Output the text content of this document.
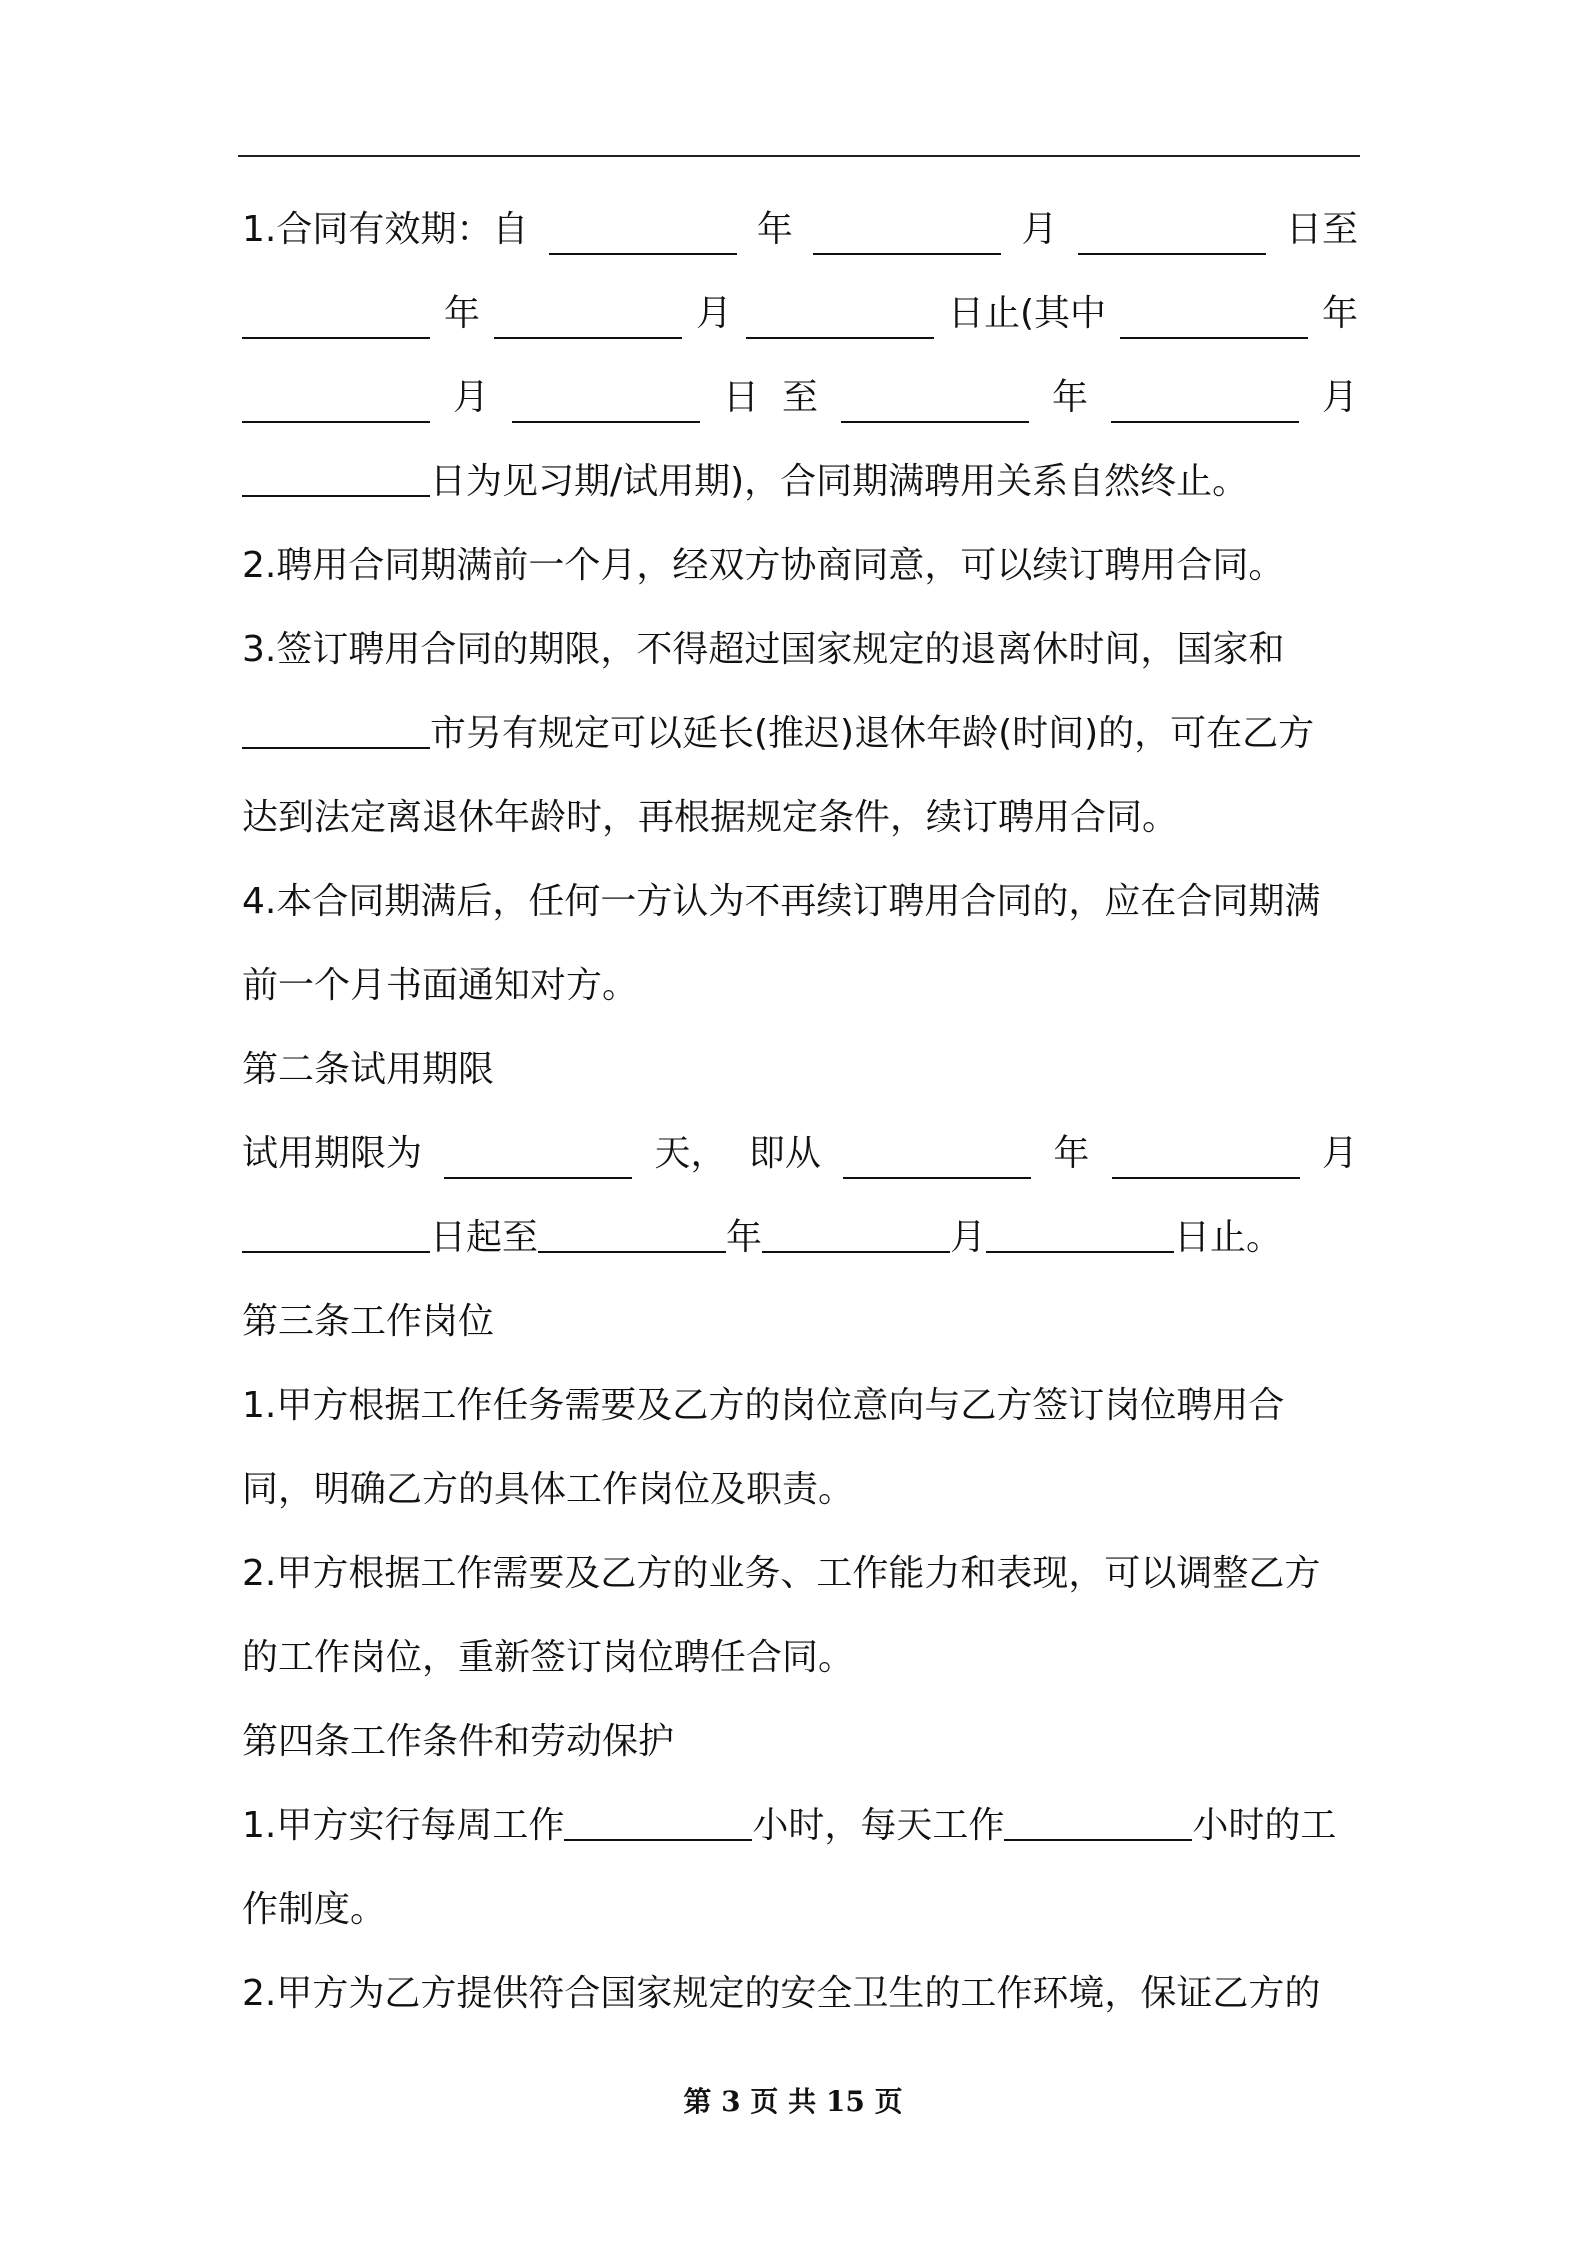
1.合同有效期：自	年	月	日至
年	月	日止(其中	年
月	日 至	年	月
日为见习期/试用期)，合同期满聘用关系自然终止。
2.聘用合同期满前一个月，经双方协商同意，可以续订聘用合同。
3.签订聘用合同的期限，不得超过国家规定的退离休时间，国家和
市另有规定可以延长(推迟)退休年龄(时间)的，可在乙方
达到法定离退休年龄时，再根据规定条件，续订聘用合同。
4.本合同期满后，任何一方认为不再续订聘用合同的，应在合同期满
前一个月书面通知对方。
第二条试用期限
试用期限为	天， 即从	年	月
日起至	年	月	日止。
第三条工作岗位
1.甲方根据工作任务需要及乙方的岗位意向与乙方签订岗位聘用合
同，明确乙方的具体工作岗位及职责。
2.甲方根据工作需要及乙方的业务、工作能力和表现，可以调整乙方
的工作岗位，重新签订岗位聘任合同。
第四条工作条件和劳动保护
1.甲方实行每周工作	小时，每天工作	小时的工
作制度。
2.甲方为乙方提供符合国家规定的安全卫生的工作环境，保证乙方的
第 3 页 共 15 页
